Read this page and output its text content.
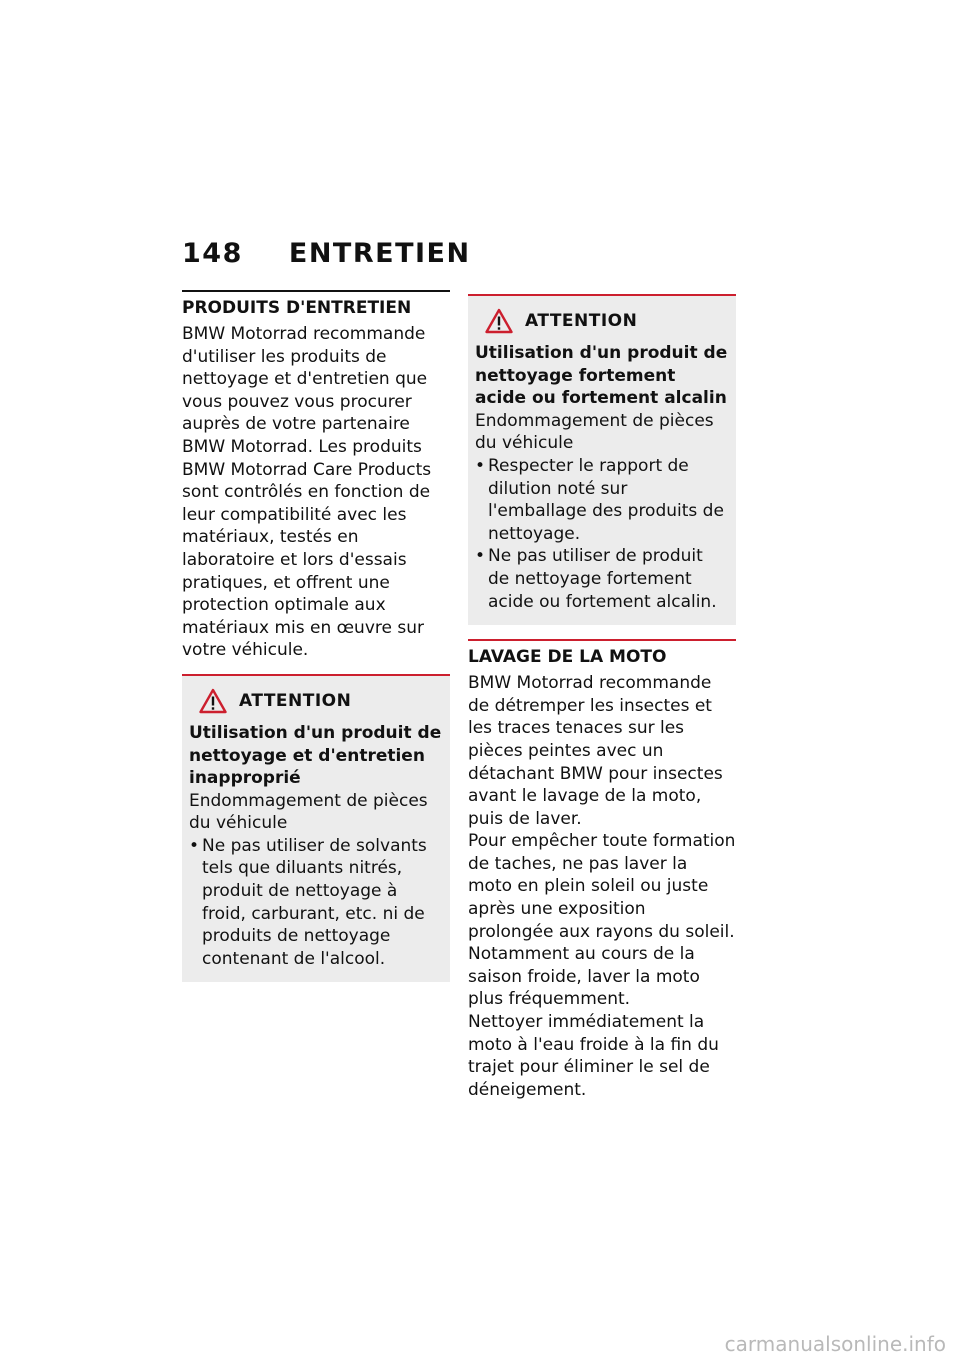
148 ENTRETIEN
PRODUITS D'ENTRETIEN

BMW Motorrad recommande d'utiliser les produits de nettoyage et d'entretien que vous pouvez vous procurer auprès de votre partenaire BMW Motorrad. Les produits BMW Motorrad Care Products sont contrôlés en fonction de leur compatibilité avec les matériaux, testés en laboratoire et lors d'essais pratiques, et offrent une protection optimale aux matériaux mis en œuvre sur votre véhicule.

ATTENTION
Utilisation d'un produit de nettoyage et d'entretien inapproprié
Endommagement de pièces du véhicule
• Ne pas utiliser de solvants tels que diluants nitrés, produit de nettoyage à froid, carburant, etc. ni de produits de nettoyage contenant de l'alcool.
ATTENTION
Utilisation d'un produit de nettoyage fortement acide ou fortement alcalin
Endommagement de pièces du véhicule
• Respecter le rapport de dilution noté sur l'emballage des produits de nettoyage.
• Ne pas utiliser de produit de nettoyage fortement acide ou fortement alcalin.
LAVAGE DE LA MOTO

BMW Motorrad recommande de détremper les insectes et les traces tenaces sur les pièces peintes avec un détachant BMW pour insectes avant le lavage de la moto, puis de laver.

Pour empêcher toute formation de taches, ne pas laver la moto en plein soleil ou juste après une exposition prolongée aux rayons du soleil.

Notamment au cours de la saison froide, laver la moto plus fréquemment.

Nettoyer immédiatement la moto à l'eau froide à la fin du trajet pour éliminer le sel de déneigement.

carmanualsonline.info
